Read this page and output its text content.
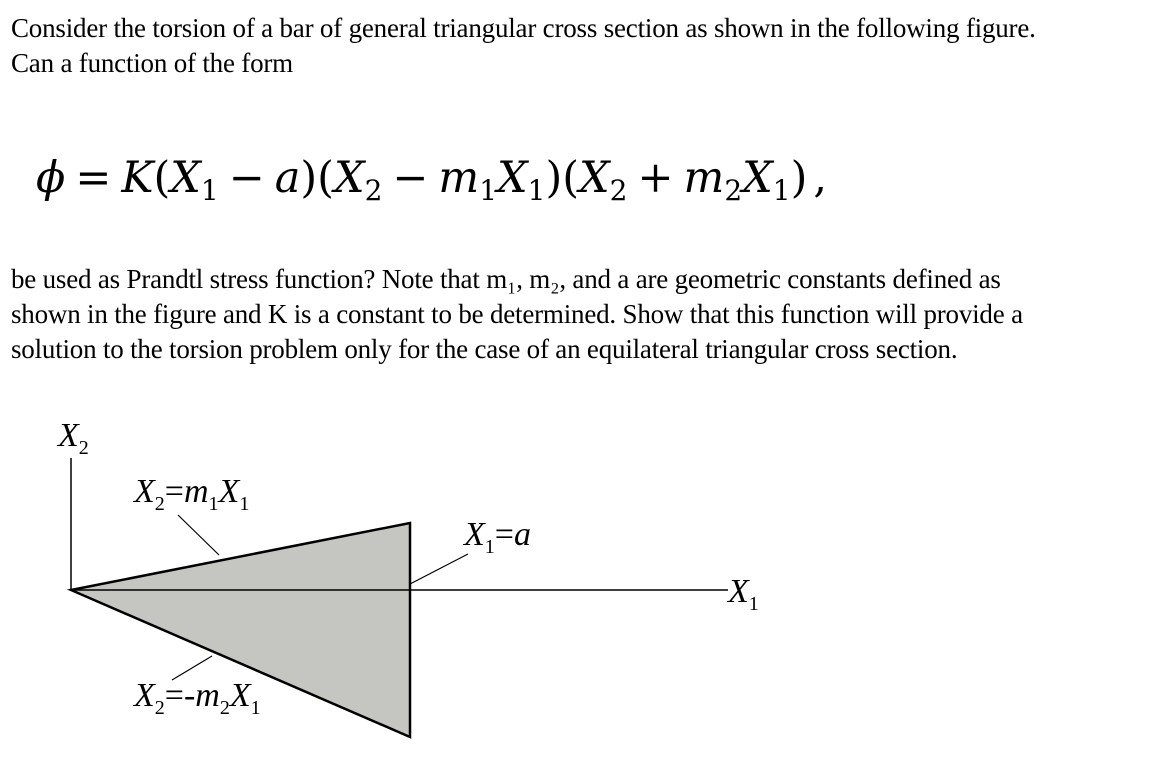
Consider the torsion of a bar of general triangular cross section as shown in the following figure.
Can a function of the form

$\phi = K(X_1 - a)(X_2 - m_1X_1)(X_2 + m_2X_1)$ ,

be used as Prandtl stress function? Note that m₁, m₂, and a are geometric constants defined as
shown in the figure and K is a constant to be determined. Show that this function will provide a
solution to the torsion problem only for the case of an equilateral triangular cross section.

$X_2$
$X_1$
$X_2=m_1X_1$
$X_2=-m_2X_1$
$X_1=a$
